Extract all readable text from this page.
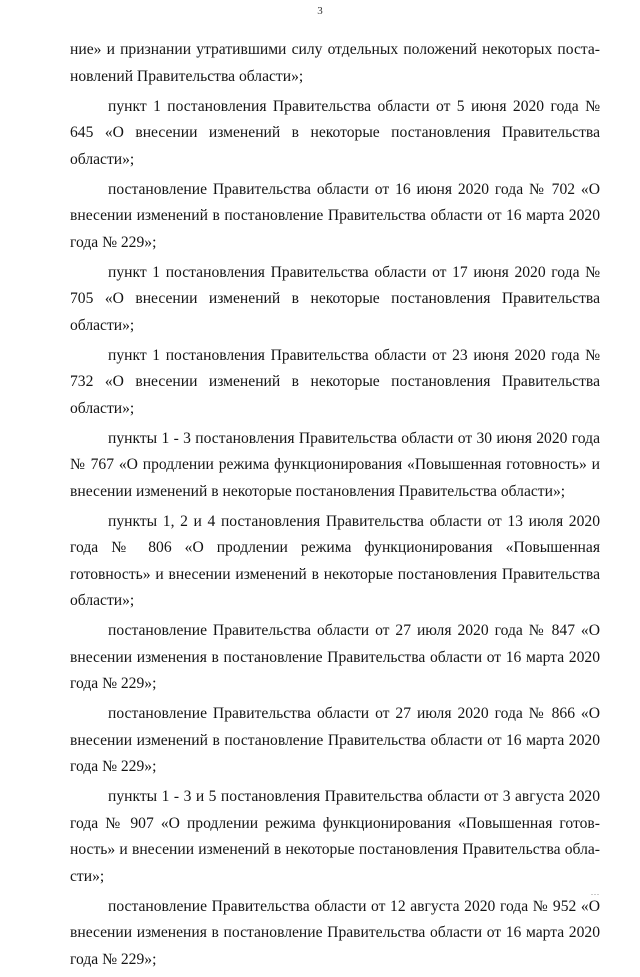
3

ние» и признании утратившими силу отдельных положений некоторых постановлений Правительства области»;

пункт 1 постановления Правительства области от 5 июня 2020 года № 645 «О внесении изменений в некоторые постановления Правительства области»;

постановление Правительства области от 16 июня 2020 года № 702 «О внесении изменений в постановление Правительства области от 16 марта 2020 года № 229»;

пункт 1 постановления Правительства области от 17 июня 2020 года № 705 «О внесении изменений в некоторые постановления Правительства области»;

пункт 1 постановления Правительства области от 23 июня 2020 года № 732 «О внесении изменений в некоторые постановления Правительства области»;

пункты 1 - 3 постановления Правительства области от 30 июня 2020 года № 767 «О продлении режима функционирования «Повышенная готовность» и внесении изменений в некоторые постановления Правительства области»;

пункты 1, 2 и 4 постановления Правительства области от 13 июля 2020 года № 806 «О продлении режима функционирования «Повышенная готовность» и внесении изменений в некоторые постановления Правительства области»;

постановление Правительства области от 27 июля 2020 года № 847 «О внесении изменения в постановление Правительства области от 16 марта 2020 года № 229»;

постановление Правительства области от 27 июля 2020 года № 866 «О внесении изменений в постановление Правительства области от 16 марта 2020 года № 229»;

пункты 1 - 3 и 5 постановления Правительства области от 3 августа 2020 года № 907 «О продлении режима функционирования «Повышенная готовность» и внесении изменений в некоторые постановления Правительства области»;

постановление Правительства области от 12 августа 2020 года № 952 «О внесении изменения в постановление Правительства области от 16 марта 2020 года № 229»;

...
